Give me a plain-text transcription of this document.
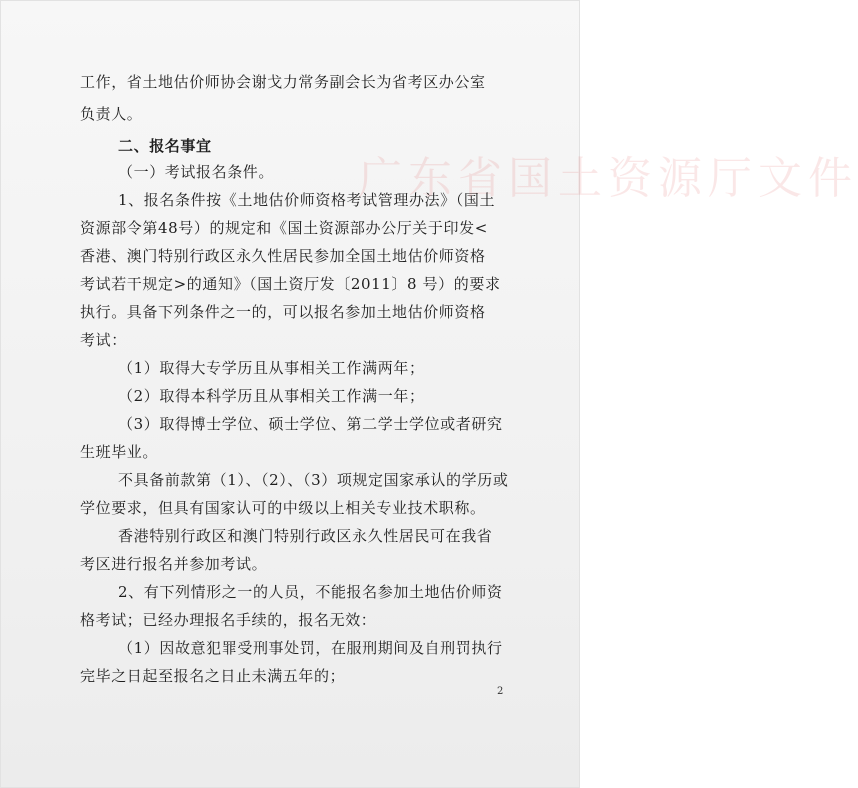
广东省国土资源厅文件
工作，省土地估价师协会谢戈力常务副会长为省考区办公室
负责人。
二、报名事宜
（一）考试报名条件。
1、报名条件按《土地估价师资格考试管理办法》（国土
资源部令第48号）的规定和《国土资源部办公厅关于印发<
香港、澳门特别行政区永久性居民参加全国土地估价师资格
考试若干规定>的通知》（国土资厅发〔2011〕8 号）的要求
执行。具备下列条件之一的，可以报名参加土地估价师资格
考试：
（1）取得大专学历且从事相关工作满两年；
（2）取得本科学历且从事相关工作满一年；
（3）取得博士学位、硕士学位、第二学士学位或者研究
生班毕业。
不具备前款第（1）、（2）、（3）项规定国家承认的学历或
学位要求，但具有国家认可的中级以上相关专业技术职称。
香港特别行政区和澳门特别行政区永久性居民可在我省
考区进行报名并参加考试。
2、有下列情形之一的人员，不能报名参加土地估价师资
格考试；已经办理报名手续的，报名无效：
（1）因故意犯罪受刑事处罚，在服刑期间及自刑罚执行
完毕之日起至报名之日止未满五年的；
2
